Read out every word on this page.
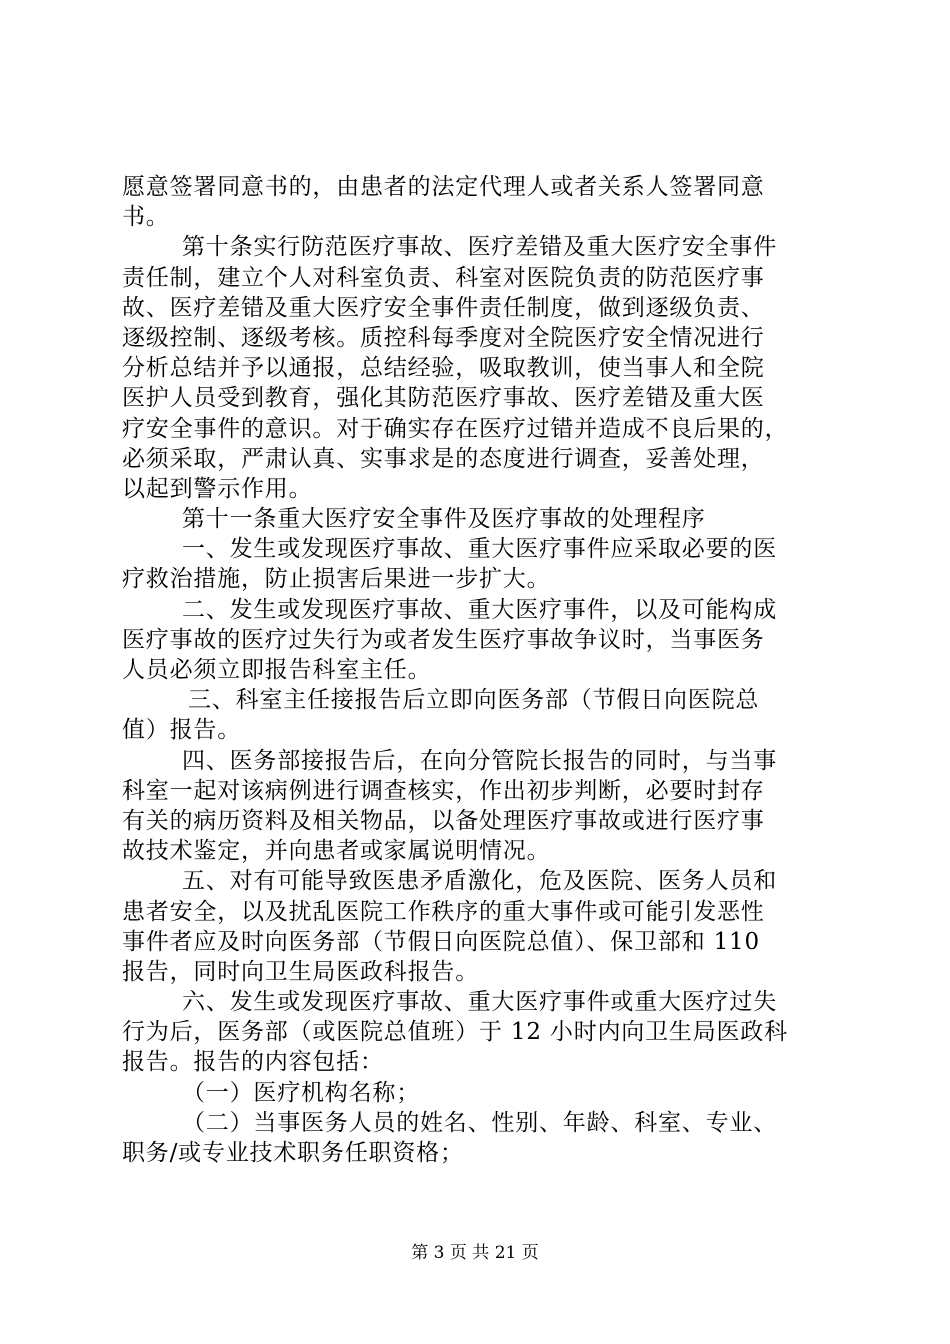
愿意签署同意书的，由患者的法定代理人或者关系人签署同意
书。
第十条实行防范医疗事故、医疗差错及重大医疗安全事件
责任制，建立个人对科室负责、科室对医院负责的防范医疗事
故、医疗差错及重大医疗安全事件责任制度，做到逐级负责、
逐级控制、逐级考核。质控科每季度对全院医疗安全情况进行
分析总结并予以通报，总结经验，吸取教训，使当事人和全院
医护人员受到教育，强化其防范医疗事故、医疗差错及重大医
疗安全事件的意识。对于确实存在医疗过错并造成不良后果的，
必须采取，严肃认真、实事求是的态度进行调查，妥善处理，
以起到警示作用。
第十一条重大医疗安全事件及医疗事故的处理程序
一、发生或发现医疗事故、重大医疗事件应采取必要的医
疗救治措施，防止损害后果进一步扩大。
二、发生或发现医疗事故、重大医疗事件，以及可能构成
医疗事故的医疗过失行为或者发生医疗事故争议时，当事医务
人员必须立即报告科室主任。
三、科室主任接报告后立即向医务部（节假日向医院总
值）报告。
四、医务部接报告后，在向分管院长报告的同时，与当事
科室一起对该病例进行调查核实，作出初步判断，必要时封存
有关的病历资料及相关物品，以备处理医疗事故或进行医疗事
故技术鉴定，并向患者或家属说明情况。
五、对有可能导致医患矛盾激化，危及医院、医务人员和
患者安全，以及扰乱医院工作秩序的重大事件或可能引发恶性
事件者应及时向医务部（节假日向医院总值）、保卫部和 110
报告，同时向卫生局医政科报告。
六、发生或发现医疗事故、重大医疗事件或重大医疗过失
行为后，医务部（或医院总值班）于 12 小时内向卫生局医政科
报告。报告的内容包括：
（一）医疗机构名称；
（二）当事医务人员的姓名、性别、年龄、科室、专业、
职务/或专业技术职务任职资格；
第 3 页 共 21 页
